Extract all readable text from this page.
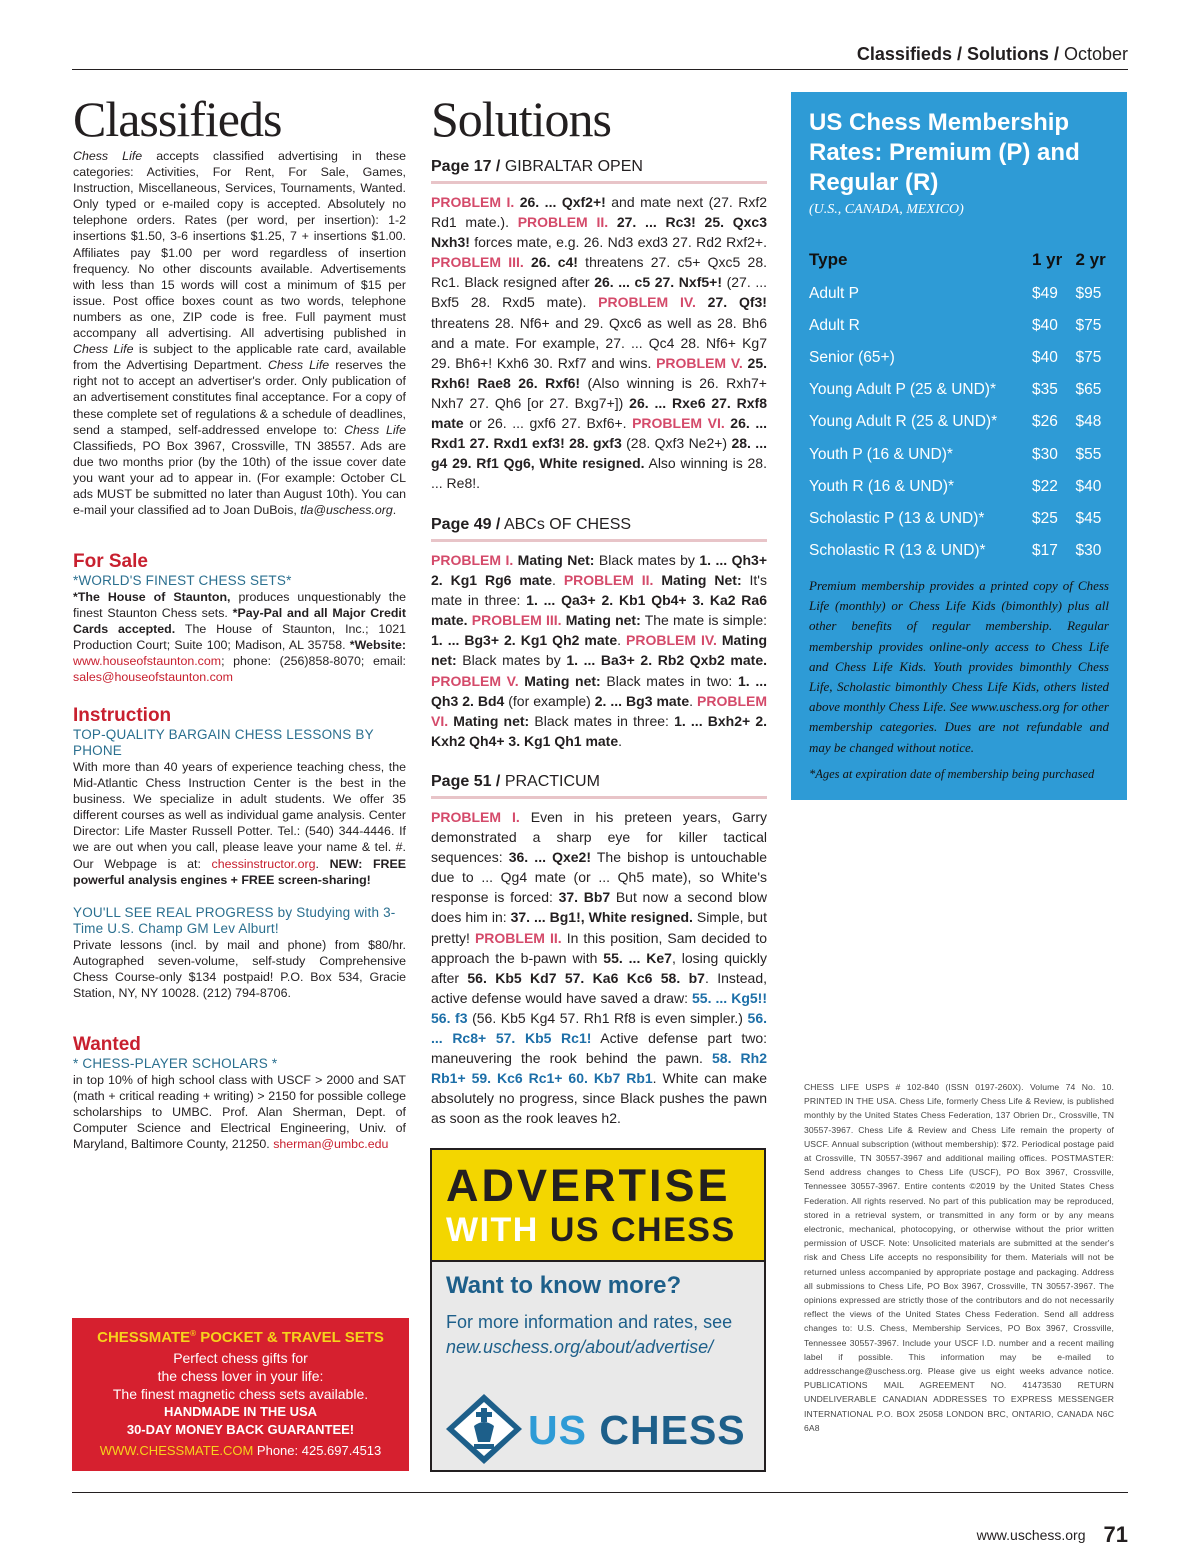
Classifieds / Solutions / October
Classifieds
Chess Life accepts classified advertising in these categories: Activities, For Rent, For Sale, Games, Instruction, Miscellaneous, Services, Tournaments, Wanted. Only typed or e-mailed copy is accepted. Absolutely no telephone orders. Rates (per word, per insertion): 1-2 insertions $1.50, 3-6 insertions $1.25, 7 + insertions $1.00. Affiliates pay $1.00 per word regardless of insertion frequency. No other discounts available. Advertisements with less than 15 words will cost a minimum of $15 per issue. Post office boxes count as two words, telephone numbers as one, ZIP code is free. Full payment must accompany all advertising. All advertising published in Chess Life is subject to the applicable rate card, available from the Advertising Department. Chess Life reserves the right not to accept an advertiser's order. Only publication of an advertisement constitutes final acceptance. For a copy of these complete set of regulations & a schedule of deadlines, send a stamped, self-addressed envelope to: Chess Life Classifieds, PO Box 3967, Crossville, TN 38557. Ads are due two months prior (by the 10th) of the issue cover date you want your ad to appear in. (For example: October CL ads MUST be submitted no later than August 10th). You can e-mail your classified ad to Joan DuBois, tla@uschess.org.
For Sale
*WORLD'S FINEST CHESS SETS*
*The House of Staunton, produces unquestionably the finest Staunton Chess sets. *Pay-Pal and all Major Credit Cards accepted. The House of Staunton, Inc.; 1021 Production Court; Suite 100; Madison, AL 35758. *Website: www.houseofstaunton.com; phone: (256)858-8070; email: sales@houseofstaunton.com
Instruction
TOP-QUALITY BARGAIN CHESS LESSONS BY PHONE
With more than 40 years of experience teaching chess, the Mid-Atlantic Chess Instruction Center is the best in the business. We specialize in adult students. We offer 35 different courses as well as individual game analysis. Center Director: Life Master Russell Potter. Tel.: (540) 344-4446. If we are out when you call, please leave your name & tel. #. Our Webpage is at: chessinstructor.org. NEW: FREE powerful analysis engines + FREE screen-sharing!
YOU'LL SEE REAL PROGRESS by Studying with 3-Time U.S. Champ GM Lev Alburt!
Private lessons (incl. by mail and phone) from $80/hr. Autographed seven-volume, self-study Comprehensive Chess Course-only $134 postpaid! P.O. Box 534, Gracie Station, NY, NY 10028. (212) 794-8706.
Wanted
* CHESS-PLAYER SCHOLARS *
in top 10% of high school class with USCF > 2000 and SAT (math + critical reading + writing) > 2150 for possible college scholarships to UMBC. Prof. Alan Sherman, Dept. of Computer Science and Electrical Engineering, Univ. of Maryland, Baltimore County, 21250. sherman@umbc.edu
CHESSMATE® POCKET & TRAVEL SETS
Perfect chess gifts for
the chess lover in your life:
The finest magnetic chess sets available.
HANDMADE IN THE USA
30-DAY MONEY BACK GUARANTEE!
WWW.CHESSMATE.COM Phone: 425.697.4513
Solutions
Page 17 / GIBRALTAR OPEN
PROBLEM I. 26. ... Qxf2+! and mate next (27. Rxf2 Rd1 mate.). PROBLEM II. 27. ... Rc3! 25. Qxc3 Nxh3! forces mate, e.g. 26. Nd3 exd3 27. Rd2 Rxf2+. PROBLEM III. 26. c4! threatens 27. c5+ Qxc5 28. Rc1. Black resigned after 26. ... c5 27. Nxf5+! (27. ... Bxf5 28. Rxd5 mate). PROBLEM IV. 27. Qf3! threatens 28. Nf6+ and 29. Qxc6 as well as 28. Bh6 and a mate. For example, 27. ... Qc4 28. Nf6+ Kg7 29. Bh6+! Kxh6 30. Rxf7 and wins. PROBLEM V. 25. Rxh6! Rae8 26. Rxf6! (Also winning is 26. Rxh7+ Nxh7 27. Qh6 [or 27. Bxg7+]) 26. ... Rxe6 27. Rxf8 mate or 26. ... gxf6 27. Bxf6+. PROBLEM VI. 26. ... Rxd1 27. Rxd1 exf3! 28. gxf3 (28. Qxf3 Ne2+) 28. ... g4 29. Rf1 Qg6, White resigned. Also winning is 28. ... Re8!.
Page 49 / ABCs OF CHESS
PROBLEM I. Mating Net: Black mates by 1. ... Qh3+ 2. Kg1 Rg6 mate. PROBLEM II. Mating Net: It's mate in three: 1. ... Qa3+ 2. Kb1 Qb4+ 3. Ka2 Ra6 mate. PROBLEM III. Mating net: The mate is simple: 1. ... Bg3+ 2. Kg1 Qh2 mate. PROBLEM IV. Mating net: Black mates by 1. ... Ba3+ 2. Rb2 Qxb2 mate. PROBLEM V. Mating net: Black mates in two: 1. ... Qh3 2. Bd4 (for example) 2. ... Bg3 mate. PROBLEM VI. Mating net: Black mates in three: 1. ... Bxh2+ 2. Kxh2 Qh4+ 3. Kg1 Qh1 mate.
Page 51 / PRACTICUM
PROBLEM I. Even in his preteen years, Garry demonstrated a sharp eye for killer tactical sequences: 36. ... Qxe2! The bishop is untouchable due to ... Qg4 mate (or ... Qh5 mate), so White's response is forced: 37. Bb7 But now a second blow does him in: 37. ... Bg1!, White resigned. Simple, but pretty! PROBLEM II. In this position, Sam decided to approach the b-pawn with 55. ... Ke7, losing quickly after 56. Kb5 Kd7 57. Ka6 Kc6 58. b7. Instead, active defense would have saved a draw: 55. ... Kg5!! 56. f3 (56. Kb5 Kg4 57. Rh1 Rf8 is even simpler.) 56. ... Rc8+ 57. Kb5 Rc1! Active defense part two: maneuvering the rook behind the pawn. 58. Rh2 Rb1+ 59. Kc6 Rc1+ 60. Kb7 Rb1. White can make absolutely no progress, since Black pushes the pawn as soon as the rook leaves h2.
ADVERTISE
WITH US CHESS
Want to know more?
For more information and rates, see new.uschess.org/about/advertise/
US CHESS
US Chess Membership Rates: Premium (P) and Regular (R)
(U.S., CANADA, MEXICO)
Type	1 yr	2 yr
Adult P	$49	$95
Adult R	$40	$75
Senior (65+)	$40	$75
Young Adult P (25 & UND)*	$35	$65
Young Adult R (25 & UND)*	$26	$48
Youth P (16 & UND)*	$30	$55
Youth R (16 & UND)*	$22	$40
Scholastic P (13 & UND)*	$25	$45
Scholastic R (13 & UND)*	$17	$30
Premium membership provides a printed copy of Chess Life (monthly) or Chess Life Kids (bimonthly) plus all other benefits of regular membership. Regular membership provides online-only access to Chess Life and Chess Life Kids. Youth provides bimonthly Chess Life, Scholastic bimonthly Chess Life Kids, others listed above monthly Chess Life. See www.uschess.org for other membership categories. Dues are not refundable and may be changed without notice.
*Ages at expiration date of membership being purchased
CHESS LIFE USPS # 102-840 (ISSN 0197-260X). Volume 74 No. 10. PRINTED IN THE USA. Chess Life, formerly Chess Life & Review, is published monthly by the United States Chess Federation, 137 Obrien Dr., Crossville, TN 30557-3967. Chess Life & Review and Chess Life remain the property of USCF. Annual subscription (without membership): $72. Periodical postage paid at Crossville, TN 30557-3967 and additional mailing offices. POSTMASTER: Send address changes to Chess Life (USCF), PO Box 3967, Crossville, Tennessee 30557-3967. Entire contents ©2019 by the United States Chess Federation. All rights reserved. No part of this publication may be reproduced, stored in a retrieval system, or transmitted in any form or by any means electronic, mechanical, photocopying, or otherwise without the prior written permission of USCF. Note: Unsolicited materials are submitted at the sender's risk and Chess Life accepts no responsibility for them. Materials will not be returned unless accompanied by appropriate postage and packaging. Address all submissions to Chess Life, PO Box 3967, Crossville, TN 30557-3967. The opinions expressed are strictly those of the contributors and do not necessarily reflect the views of the United States Chess Federation. Send all address changes to: U.S. Chess, Membership Services, PO Box 3967, Crossville, Tennessee 30557-3967. Include your USCF I.D. number and a recent mailing label if possible. This information may be e-mailed to addresschange@uschess.org. Please give us eight weeks advance notice. PUBLICATIONS MAIL AGREEMENT NO. 41473530 RETURN UNDELIVERABLE CANADIAN ADDRESSES TO EXPRESS MESSENGER INTERNATIONAL P.O. BOX 25058 LONDON BRC, ONTARIO, CANADA N6C 6A8
www.uschess.org 71
